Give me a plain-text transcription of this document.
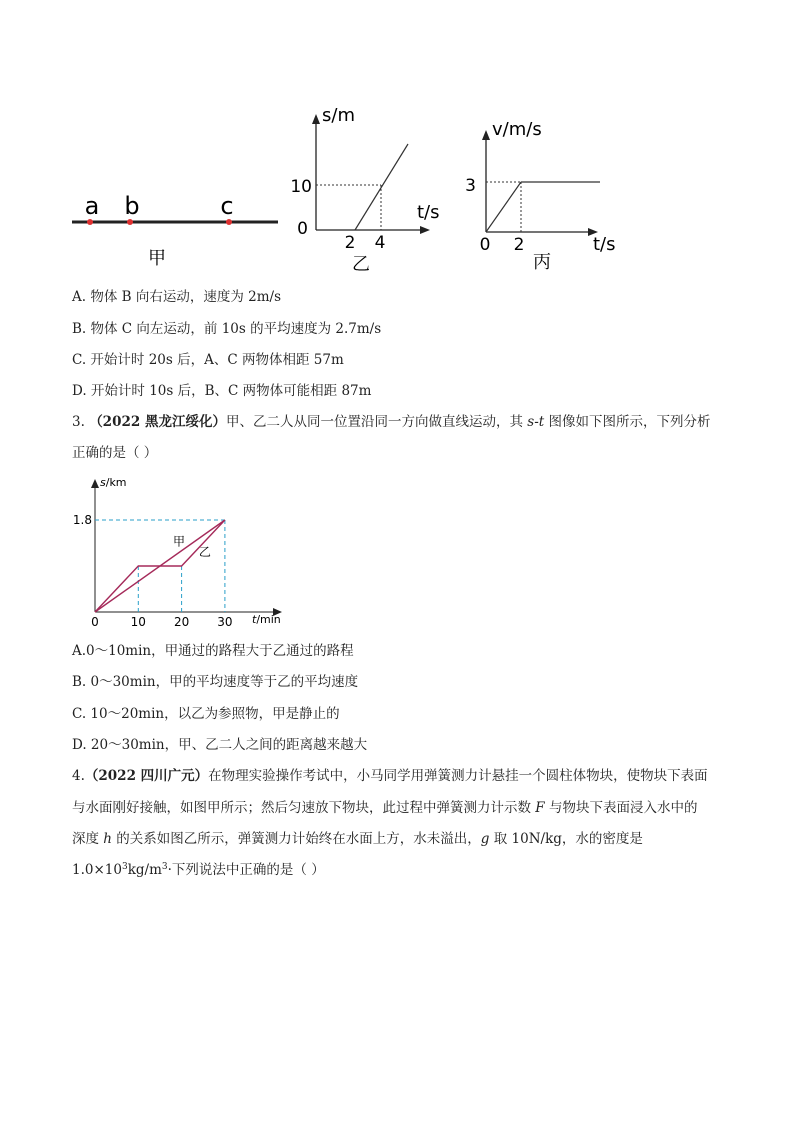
a b	c
甲
s/m
t/s
10
0
2 4
乙
v/m/s
t/s
3
0 2
丙
A. 物体 B 向右运动，速度为 2m/s
B. 物体 C 向左运动，前 10s 的平均速度为 2.7m/s
C. 开始计时 20s 后，A、C 两物体相距 57m
D. 开始计时 10s 后，B、C 两物体可能相距 87m
3. （2022 黑龙江绥化）甲、乙二人从同一位置沿同一方向做直线运动，其 s-t 图像如下图所示，下列分析
正确的是（ ）
10 20 30
1.8
甲
乙
s/km
t/min
0
A.0～10min，甲通过的路程大于乙通过的路程
B. 0～30min，甲的平均速度等于乙的平均速度
C. 10～20min，以乙为参照物，甲是静止的
D. 20～30min，甲、乙二人之间的距离越来越大
4.（2022 四川广元）在物理实验操作考试中，小马同学用弹簧测力计悬挂一个圆柱体物块，使物块下表面
与水面刚好接触，如图甲所示；然后匀速放下物块，此过程中弹簧测力计示数 F 与物块下表面浸入水中的
深度 h 的关系如图乙所示，弹簧测力计始终在水面上方，水未溢出，g 取 10N/kg，水的密度是
$1.0\times 10^3kg/m^3\cdot$下列说法中正确的是（ ）
